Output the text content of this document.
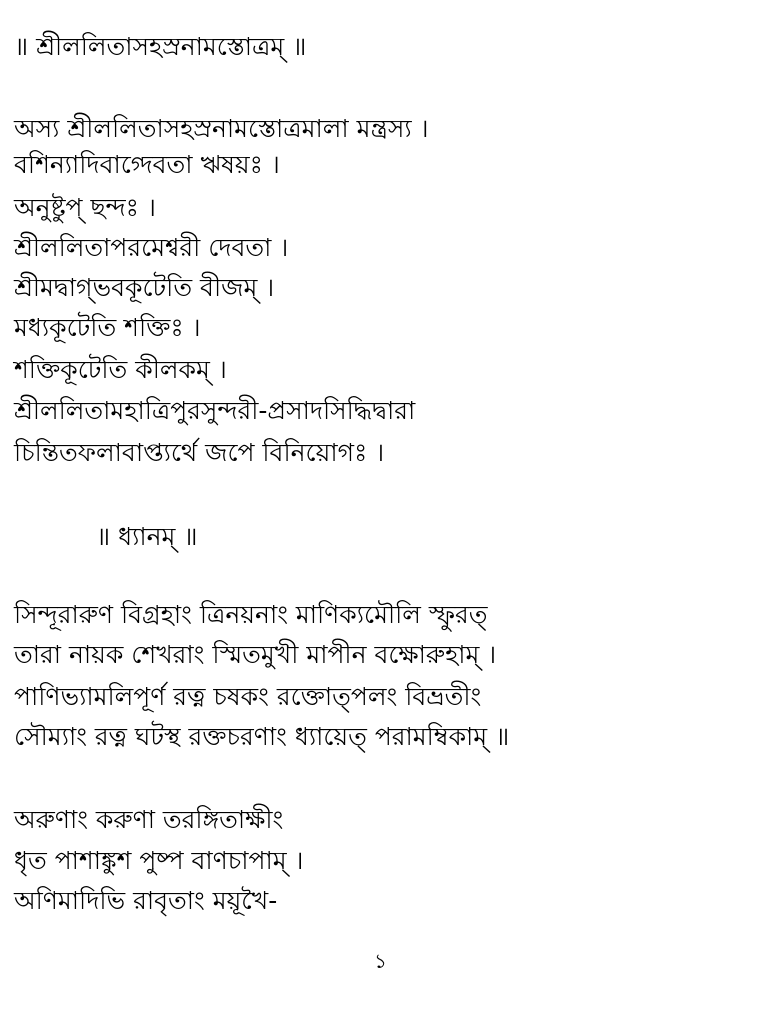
॥ শ্রীললিতাসহস্রনামস্তোত্রম্ ॥
অস্য শ্রীললিতাসহস্রনামস্তোত্রমালা মন্ত্রস্য ।
বশিন্যাদিবাগ্দেবতা ঋষয়ঃ ।
অনুষ্টুপ্ ছন্দঃ ।
শ্রীললিতাপরমেশ্বরী দেবতা ।
শ্রীমদ্বাগ্ভবকূটেতি বীজম্ ।
মধ্যকূটেতি শক্তিঃ ।
শক্তিকূটেতি কীলকম্ ।
শ্রীললিতামহাত্রিপুরসুন্দরী-প্রসাদসিদ্ধিদ্বারা
চিন্তিতফলাবাপ্ত্যর্থে জপে বিনিয়োগঃ ।
॥ ধ্যানম্ ॥
সিন্দূরারুণ বিগ্রহাং ত্রিনয়নাং মাণিক্যমৌলি স্ফুরত্
তারা নায়ক শেখরাং স্মিতমুখী মাপীন বক্ষোরুহাম্ ।
পাণিভ্যামলিপূর্ণ রত্ন চষকং রক্তোত্পলং বিভ্রতীং
সৌম্যাং রত্ন ঘটস্থ রক্তচরণাং ধ্যায়েত্ পরামম্বিকাম্ ॥
অরুণাং করুণা তরঙ্গিতাক্ষীং
ধৃত পাশাঙ্কুশ পুষ্প বাণচাপাম্ ।
অণিমাদিভি রাবৃতাং ময়ূখৈ-
১
